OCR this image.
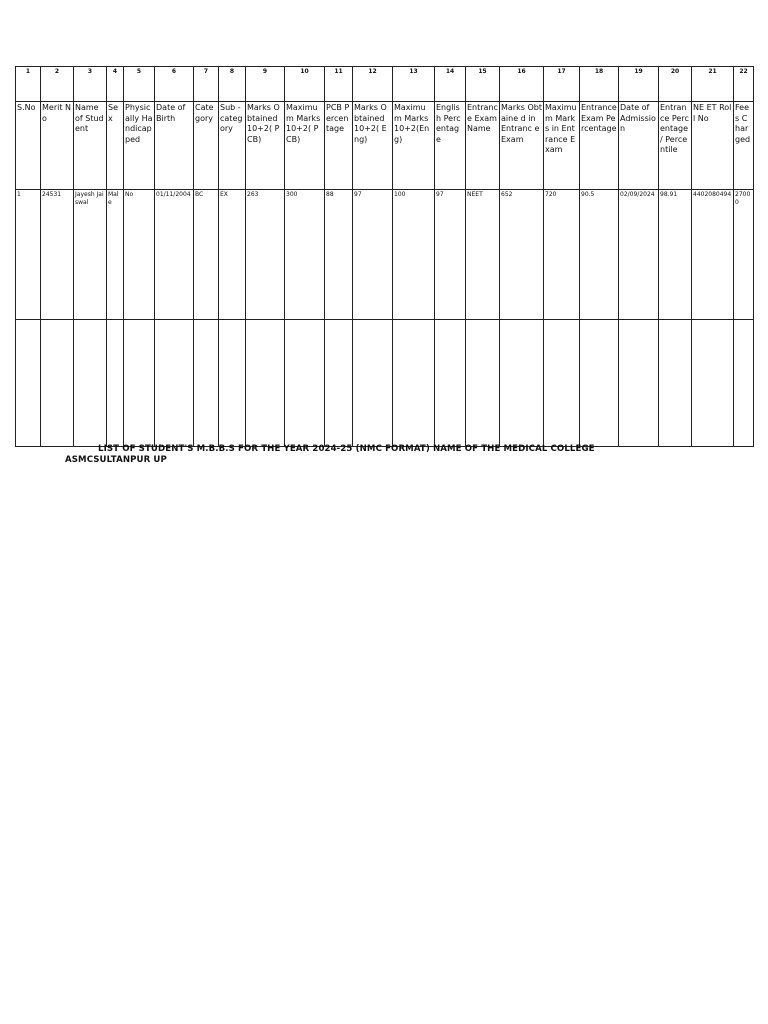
1	2	3	4	5	6	7	8	9	10	11	12	13	14	15	16	17	18	19	20	21	22
S.No	Merit No	Name of Student	Sex	Physically Handicapped	Date of Birth	Category	Sub - category	Marks Obtained 10+2( PCB)	Maximum Marks 10+2( PCB)	PCB Percentage	Marks Obtained 10+2( Eng)	Maximum Marks 10+2(Eng)	English Percentag e	Entrance Exam Name	Marks Obtaine d in Entranc e Exam	Maximum Marks in Entrance Exam	Entrance Exam Percentage	Date of Admission	Entrance Percentage / Percentile	NE ET Roll No	Fees Charged
1	24531	Jayesh Jaiswal	Male	No	01/11/2004	BC	EX	263	300	88	97	100	97	NEET	652	720	90.5	02/09/2024	98.91	4402080494	27000

LIST OF STUDENT'S M.B.B.S FOR THE YEAR 2024-25 (NMC FORMAT) NAME OF THE MEDICAL COLLEGE
ASMCSULTANPUR UP
